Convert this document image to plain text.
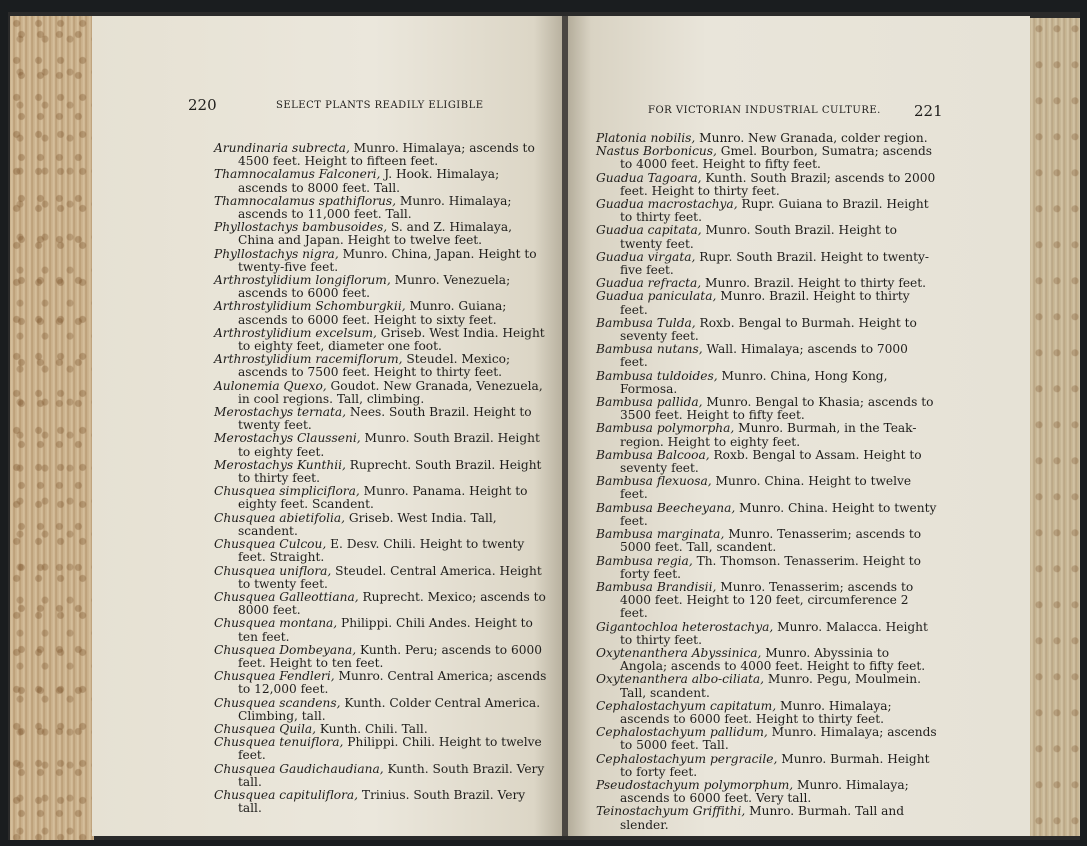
220	SELECT PLANTS READILY ELIGIBLE

Arundinaria subrecta, Munro. Himalaya; ascends to 4500 feet. Height to fifteen feet.

Thamnocalamus Falconeri, J. Hook. Himalaya; ascends to 8000 feet. Tall.

Thamnocalamus spathiflorus, Munro. Himalaya; ascends to 11,000 feet. Tall.

Phyllostachys bambusoides, S. and Z. Himalaya, China and Japan. Height to twelve feet.

Phyllostachys nigra, Munro. China, Japan. Height to twenty-five feet.

Arthrostylidium longiflorum, Munro. Venezuela; ascends to 6000 feet.

Arthrostylidium Schomburgkii, Munro. Guiana; ascends to 6000 feet. Height to sixty feet.

Arthrostylidium excelsum, Griseb. West India. Height to eighty feet, diameter one foot.

Arthrostylidium racemiflorum, Steudel. Mexico; ascends to 7500 feet. Height to thirty feet.

Aulonemia Quexo, Goudot. New Granada, Venezuela, in cool regions. Tall, climbing.

Merostachys ternata, Nees. South Brazil. Height to twenty feet.

Merostachys Clausseni, Munro. South Brazil. Height to eighty feet.

Merostachys Kunthii, Ruprecht. South Brazil. Height to thirty feet.

Chusquea simpliciflora, Munro. Panama. Height to eighty feet. Scandent.

Chusquea abietifolia, Griseb. West India. Tall, scandent.

Chusquea Culcou, E. Desv. Chili. Height to twenty feet. Straight.

Chusquea uniflora, Steudel. Central America. Height to twenty feet.

Chusquea Galleottiana, Ruprecht. Mexico; ascends to 8000 feet.

Chusquea montana, Philippi. Chili Andes. Height to ten feet.

Chusquea Dombeyana, Kunth. Peru; ascends to 6000 feet. Height to ten feet.

Chusquea Fendleri, Munro. Central America; ascends to 12,000 feet.

Chusquea scandens, Kunth. Colder Central America. Climbing, tall.

Chusquea Quila, Kunth. Chili. Tall.

Chusquea tenuiflora, Philippi. Chili. Height to twelve feet.

Chusquea Gaudichaudiana, Kunth. South Brazil. Very tall.

Chusquea capituliflora, Trinius. South Brazil. Very tall.

FOR VICTORIAN INDUSTRIAL CULTURE. 221

Platonia nobilis, Munro. New Granada, colder region.

Nastus Borbonicus, Gmel. Bourbon, Sumatra; ascends to 4000 feet. Height to fifty feet.

Guadua Tagoara, Kunth. South Brazil; ascends to 2000 feet. Height to thirty feet.

Guadua macrostachya, Rupr. Guiana to Brazil. Height to thirty feet.

Guadua capitata, Munro. South Brazil. Height to twenty feet.

Guadua virgata, Rupr. South Brazil. Height to twenty-five feet.

Guadua refracta, Munro. Brazil. Height to thirty feet.

Guadua paniculata, Munro. Brazil. Height to thirty feet.

Bambusa Tulda, Roxb. Bengal to Burmah. Height to seventy feet.

Bambusa nutans, Wall. Himalaya; ascends to 7000 feet.

Bambusa tuldoides, Munro. China, Hong Kong, Formosa.

Bambusa pallida, Munro. Bengal to Khasia; ascends to 3500 feet. Height to fifty feet.

Bambusa polymorpha, Munro. Burmah, in the Teak-region. Height to eighty feet.

Bambusa Balcooa, Roxb. Bengal to Assam. Height to seventy feet.

Bambusa flexuosa, Munro. China. Height to twelve feet.

Bambusa Beecheyana, Munro. China. Height to twenty feet.

Bambusa marginata, Munro. Tenasserim; ascends to 5000 feet. Tall, scandent.

Bambusa regia, Th. Thomson. Tenasserim. Height to forty feet.

Bambusa Brandisii, Munro. Tenasserim; ascends to 4000 feet. Height to 120 feet, circumference 2 feet.

Gigantochloa heterostachya, Munro. Malacca. Height to thirty feet.

Oxytenanthera Abyssinica, Munro. Abyssinia to Angola; ascends to 4000 feet. Height to fifty feet.

Oxytenanthera albo-ciliata, Munro. Pegu, Moulmein. Tall, scandent.

Cephalostachyum capitatum, Munro. Himalaya; ascends to 6000 feet. Height to thirty feet.

Cephalostachyum pallidum, Munro. Himalaya; ascends to 5000 feet. Tall.

Cephalostachyum pergracile, Munro. Burmah. Height to forty feet.

Pseudostachyum polymorphum, Munro. Himalaya; ascends to 6000 feet. Very tall.

Teinostachyum Griffithi, Munro. Burmah. Tall and slender.
